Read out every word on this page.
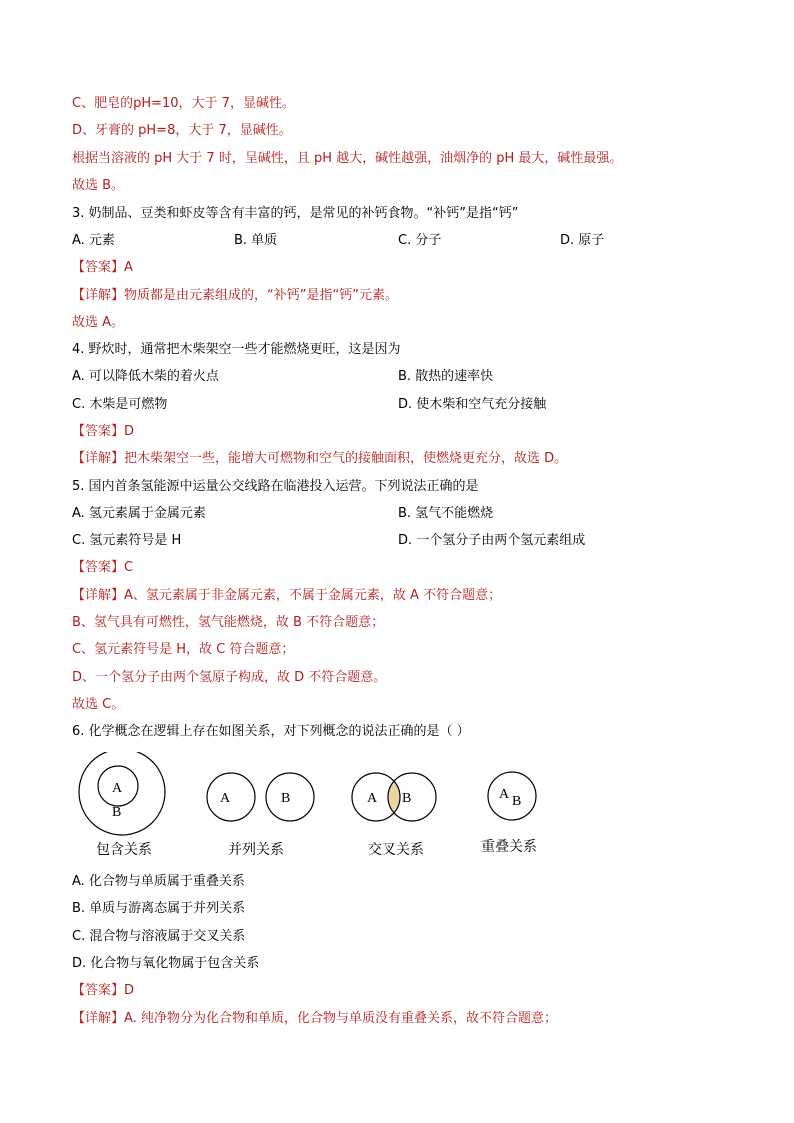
C、肥皂的pH=10，大于 7，显碱性。
D、牙膏的 pH=8，大于 7，显碱性。
根据当溶液的 pH 大于 7 时，呈碱性，且 pH 越大，碱性越强，油烟净的 pH 最大，碱性最强。
故选 B。
3. 奶制品、豆类和虾皮等含有丰富的钙，是常见的补钙食物。“补钙”是指“钙”
A. 元素	B. 单质	C. 分子	D. 原子
【答案】A
【详解】物质都是由元素组成的，“补钙”是指“钙”元素。
故选 A。
4. 野炊时，通常把木柴架空一些才能燃烧更旺，这是因为
A. 可以降低木柴的着火点	B. 散热的速率快
C. 木柴是可燃物	D. 使木柴和空气充分接触
【答案】D
【详解】把木柴架空一些，能增大可燃物和空气的接触面积，使燃烧更充分，故选 D。
5. 国内首条氢能源中运量公交线路在临港投入运营。下列说法正确的是
A. 氢元素属于金属元素	B. 氢气不能燃烧
C. 氢元素符号是 H	D. 一个氢分子由两个氢元素组成
【答案】C
【详解】A、氢元素属于非金属元素，不属于金属元素，故 A 不符合题意；
B、氢气具有可燃性，氢气能燃烧，故 B 不符合题意；
C、氢元素符号是 H，故 C 符合题意；
D、一个氢分子由两个氢原子构成，故 D 不符合题意。
故选 C。
6. 化学概念在逻辑上存在如图关系，对下列概念的说法正确的是（ ）
A
B
A	B	A B	A B
包含关系	并列关系	交叉关系	重叠关系
A. 化合物与单质属于重叠关系
B. 单质与游离态属于并列关系
C. 混合物与溶液属于交叉关系
D. 化合物与氧化物属于包含关系
【答案】D
【详解】A. 纯净物分为化合物和单质，化合物与单质没有重叠关系，故不符合题意；
